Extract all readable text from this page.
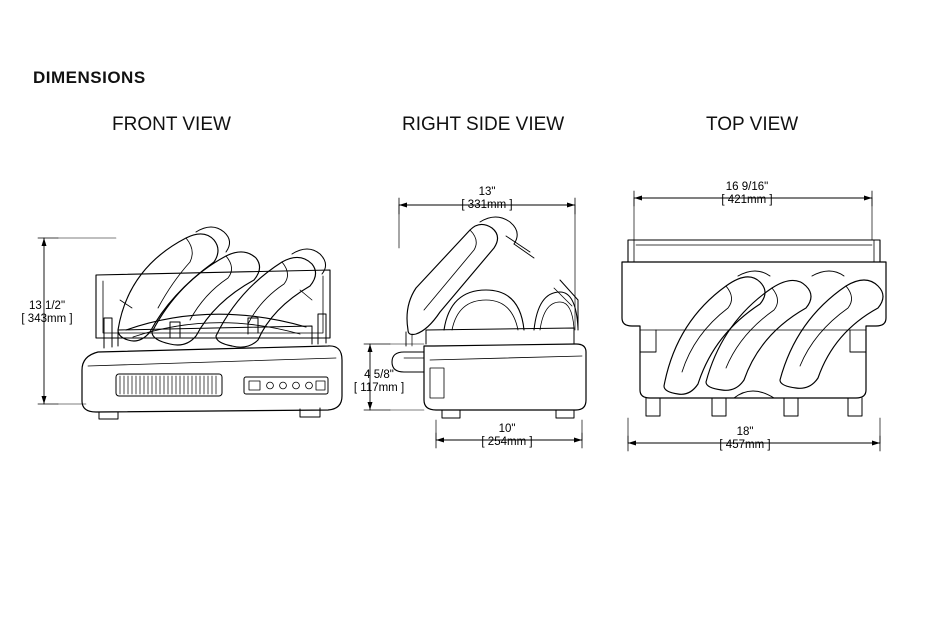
DIMENSIONS
FRONT VIEW	RIGHT SIDE VIEW	TOP VIEW
13 1/2"
[ 343mm ]
13"
[ 331mm ]
4 5/8"
[ 117mm ]
10"
[ 254mm ]
16 9/16"
[ 421mm ]
18"
[ 457mm ]
